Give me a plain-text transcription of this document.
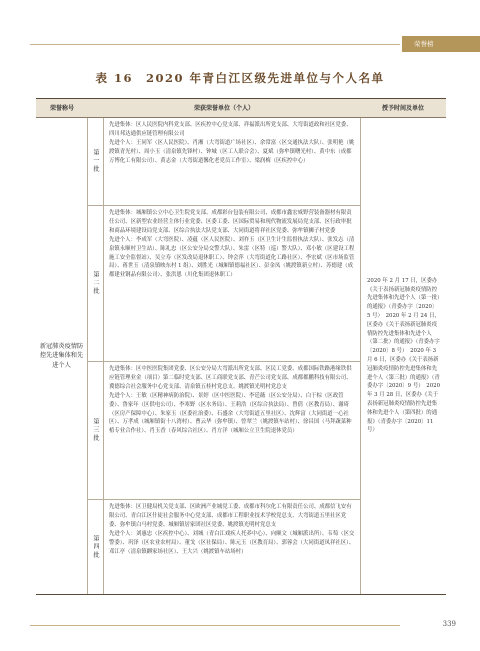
荣誉榜
表 16　2020 年青白江区级先进单位与个人名单
荣誉称号	荣获荣誉单位（个人）	授予时间及单位
新冠肺炎疫情防控先进集体和先进个人
第一批

先进集体：区人民医院内科党支部、区疾控中心党支部、祥福派出所党支部、大弯街道政和社区党委、四川邦达通供应链管理有限公司

先进个人：王同军（区人民医院）、肖湘（大弯街道广场社区）、余常富（区交通执法大队）、张明艳（姚渡镇青光村）、周小玉（清泉镇先锋村）、钟城（区工人联合会）、夏斌（弥牟镇曙光村）、黄中东（成都万博化工有限公司）、黄志金（大弯街道馨化老党员工作室）、梁润梅（区疾控中心）

第二批

先进集体：城厢镇公立中心卫生院党支部、成都彩台包装有限公司、成都市鑫宏威野营装备器材有限责任公司、区新型农业经营主体行业党委、区委工委、区国际贸易和现代物流发展局党支部、区行政审批和商品环境建设局党支部、区综合执法大队党支部、大同街道将祥社区党委、弥牟镇狮子村党委

先进个人：李成军（大弯医院）、凌蕴（区人民医院）、刘祚玉（区卫生计生监督执法大队）、张发志（清泉镇永顺村卫生站）、陈礼忠（区公安分局交警大队）、朱雷（区特（巡）警大队）、邓小敏（区建设工程施工安全监督站）、吴立寿（区发改局退休职工）、钟会萍（大弯街道化工路社区）、李宏斌（区市场监管局）、蒋世玉（清泉镇映东村 1 组）、刘胜光（城厢镇德福社区）、彭金凤（姚渡镇新立村）、苏德建（成都建业钢品有限公司）、张洪恩（川化集团退休职工）

第三批

先进集体：区中医医院集团党委、区公安分局大弯派出所党支部、区民工党委、成都国际铁路港缘铁供应链管理业金（项目）第二临时党支部、区工商联党支部、青芒公司党支部、成都都鹏科技有限公司、冀德综合社会服务中心党支部、清泉镇五桂村党总支、姚渡镇光明村党总支

先进个人：王敏（区精神病防治院）、景婷（区中医医院）、李廷薇（区公安分局）、白于棕（区政管委）、鲁家年（区供电公司）、李寒野（区水务局）、王莉浩（区综合执法局）、曾倩（区教育局）、谢琦（区房产保障中心）、朱家玉（区委社治委）、石盛余（大弯街道五里社区）、沈辉富（大同街道一心社区）、万孝成（城厢镇街十八湾村）、曹云华（弥牟镇）、曾翠兰（姚渡镇车站村）、徐昌国（马拜蔬菜种植专业合作社）、肖玉香（春风综合社区）、肖方洋（城厢公立卫生院退休党员）

第四批

先进集体：区卫健局机关党支部、区欧洲产业城党工委、成都市科尔化工有限责任公司、成都信飞安有限公司、青白江区什徒社会服务中心党支部、成都市工程职业技术学校党总支、大弯街道五里社区党委、弥牟镇白马村党委、城厢镇居家团社区党委、姚渡镇光明村党总支

先进个人：刘惠忠（区疾控中心）、刘城（青白江戏疾人托养中心）、向顺文（城厢派出所）、韦萄（区交警委）、巩泽（区农业农村局）、董戈（区社保局）、陈元玉（区教育局）、郭蓉会（大同街道凤祥社区）、邓江亭（清泉镇麒家场社区）、王大兴（姚渡镇车站场村）

2020 年 2 月 17 日，区委办《关于表扬新冠肺炎疫情防控先进集体和先进个人（第一批）的通报》（青委办字〔2020〕5 号）　2020 年 2 月 24 日，区委办《关于表扬新冠肺炎疫情防控先进集体和先进个人（第二批）的通报》（青委办字〔2020〕8 号）　2020 年 3 月 6 日，区委办《关于表扬新冠肺炎疫情防控先进集体和先进个人（第三批）的通报》（青委办字〔2020〕9 号）　2020 年 3 月 28 日，区委办《关于表扬新冠肺炎疫情防控先进集体和先进个人（第四批）的通报》（青委办字〔2020〕11 号）
339
